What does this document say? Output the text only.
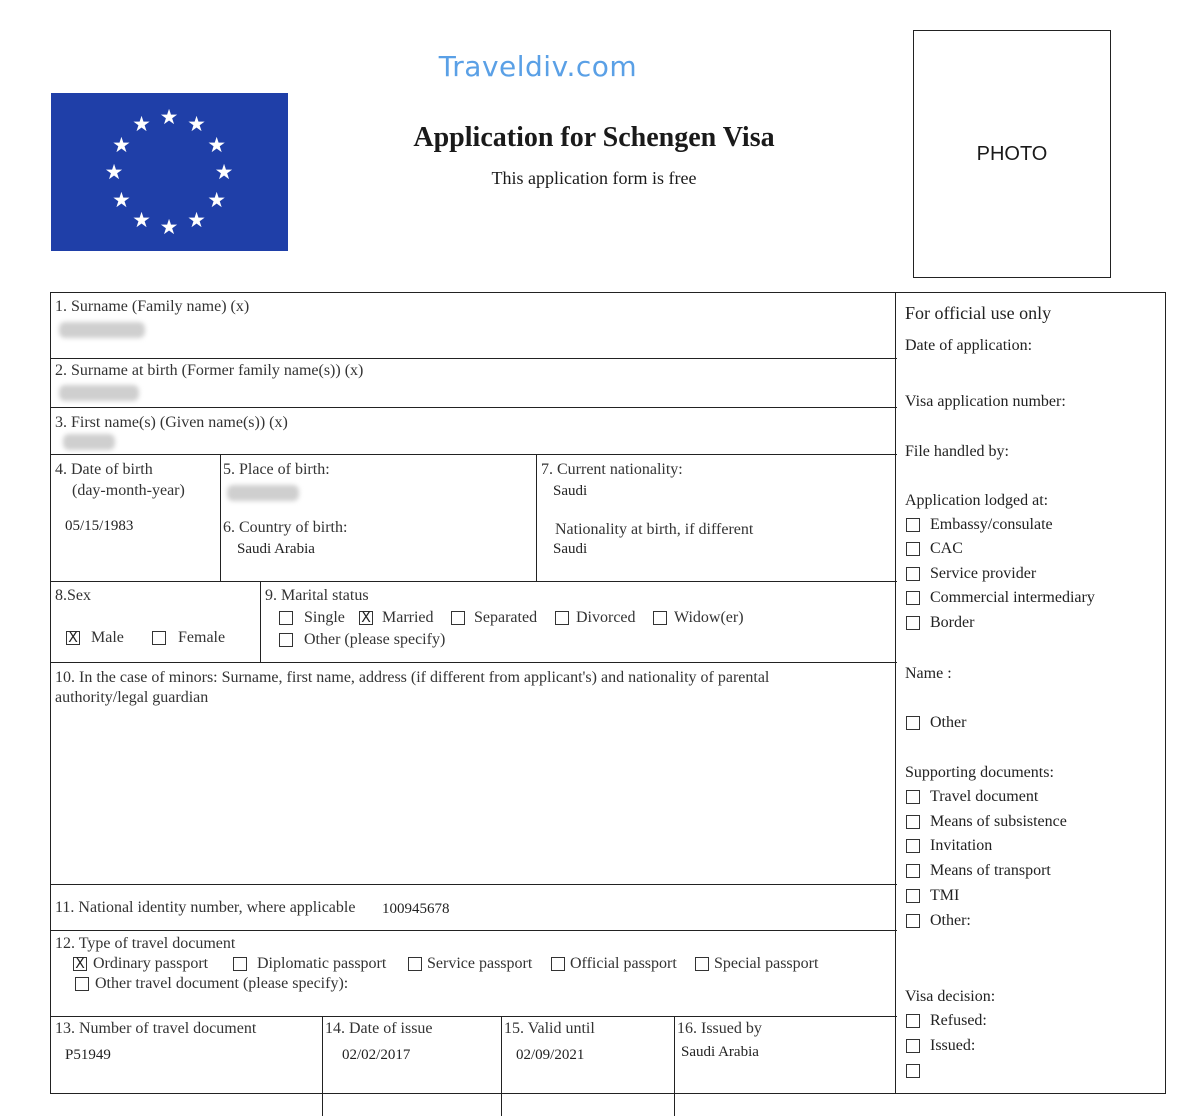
Traveldiv.com
★ ★
★
★
★
★
★
★
★
★
★
★	Application for Schengen Visa
This application form is free
PHOTO
1. Surname (Family name) (x)
2. Surname at birth (Former family name(s)) (x)
3. First name(s) (Given name(s)) (x)
4. Date of birth
(day-month-year)
05/15/1983
5. Place of birth:
6. Country of birth:
Saudi Arabia
7. Current nationality:
Saudi
Nationality at birth, if different
Saudi
8.Sex
X Male	Female
9. Marital status
Single X Married	Separated Divorced Widow(er)
Other (please specify)
10. In the case of minors: Surname, first name, address (if different from applicant's) and nationality of parental
authority/legal guardian
11. National identity number, where applicable 100945678
12. Type of travel document
X Ordinary passport	Diplomatic passport	Service passport Official passport Special passport
Other travel document (please specify):
13. Number of travel document
P51949
14. Date of issue
02/02/2017
15. Valid until
02/09/2021
16. Issued by
Saudi Arabia
For official use only
Date of application:
Visa application number:
File handled by:
Application lodged at:
Embassy/consulate
CAC
Service provider
Commercial intermediary
Border
Name :
Other
Supporting documents:
Travel document
Means of subsistence
Invitation
Means of transport
TMI
Other:
Visa decision:
Refused:
Issued:
